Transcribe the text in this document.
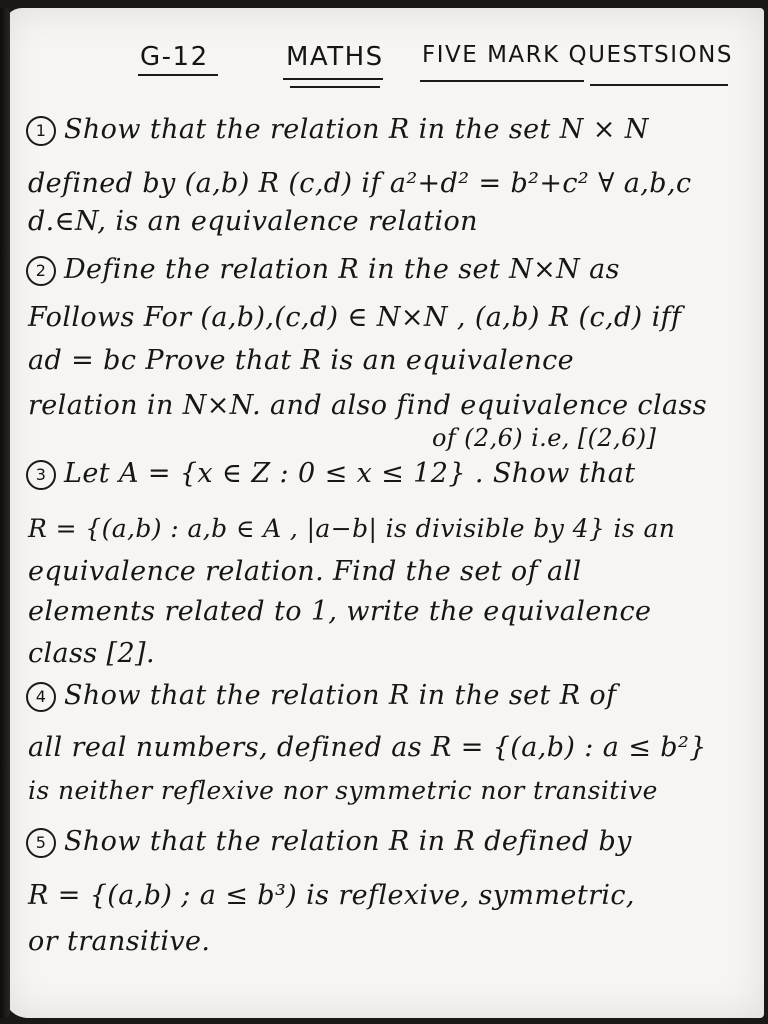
G-12	MATHS FIVE MARK QUESTSIONS
1 Show that the relation R in the set N × N
defined by (a,b) R (c,d) if a²+d² = b²+c² ∀ a,b,c
d.∈N, is an equivalence relation
2 Define the relation R in the set N×N as
Follows For (a,b),(c,d) ∈ N×N , (a,b) R (c,d) iff
ad = bc Prove that R is an equivalence
relation in N×N. and also find equivalence class
of (2,6) i.e, [(2,6)]
3 Let A = {x ∈ Z : 0 ≤ x ≤ 12} . Show that
R = {(a,b) : a,b ∈ A , |a−b| is divisible by 4} is an
equivalence relation. Find the set of all
elements related to 1, write the equivalence
class [2].
4 Show that the relation R in the set R of
all real numbers, defined as R = {(a,b) : a ≤ b²}
is neither reflexive nor symmetric nor transitive
5 Show that the relation R in R defined by
R = {(a,b) ; a ≤ b³) is reflexive, symmetric,
or transitive.
